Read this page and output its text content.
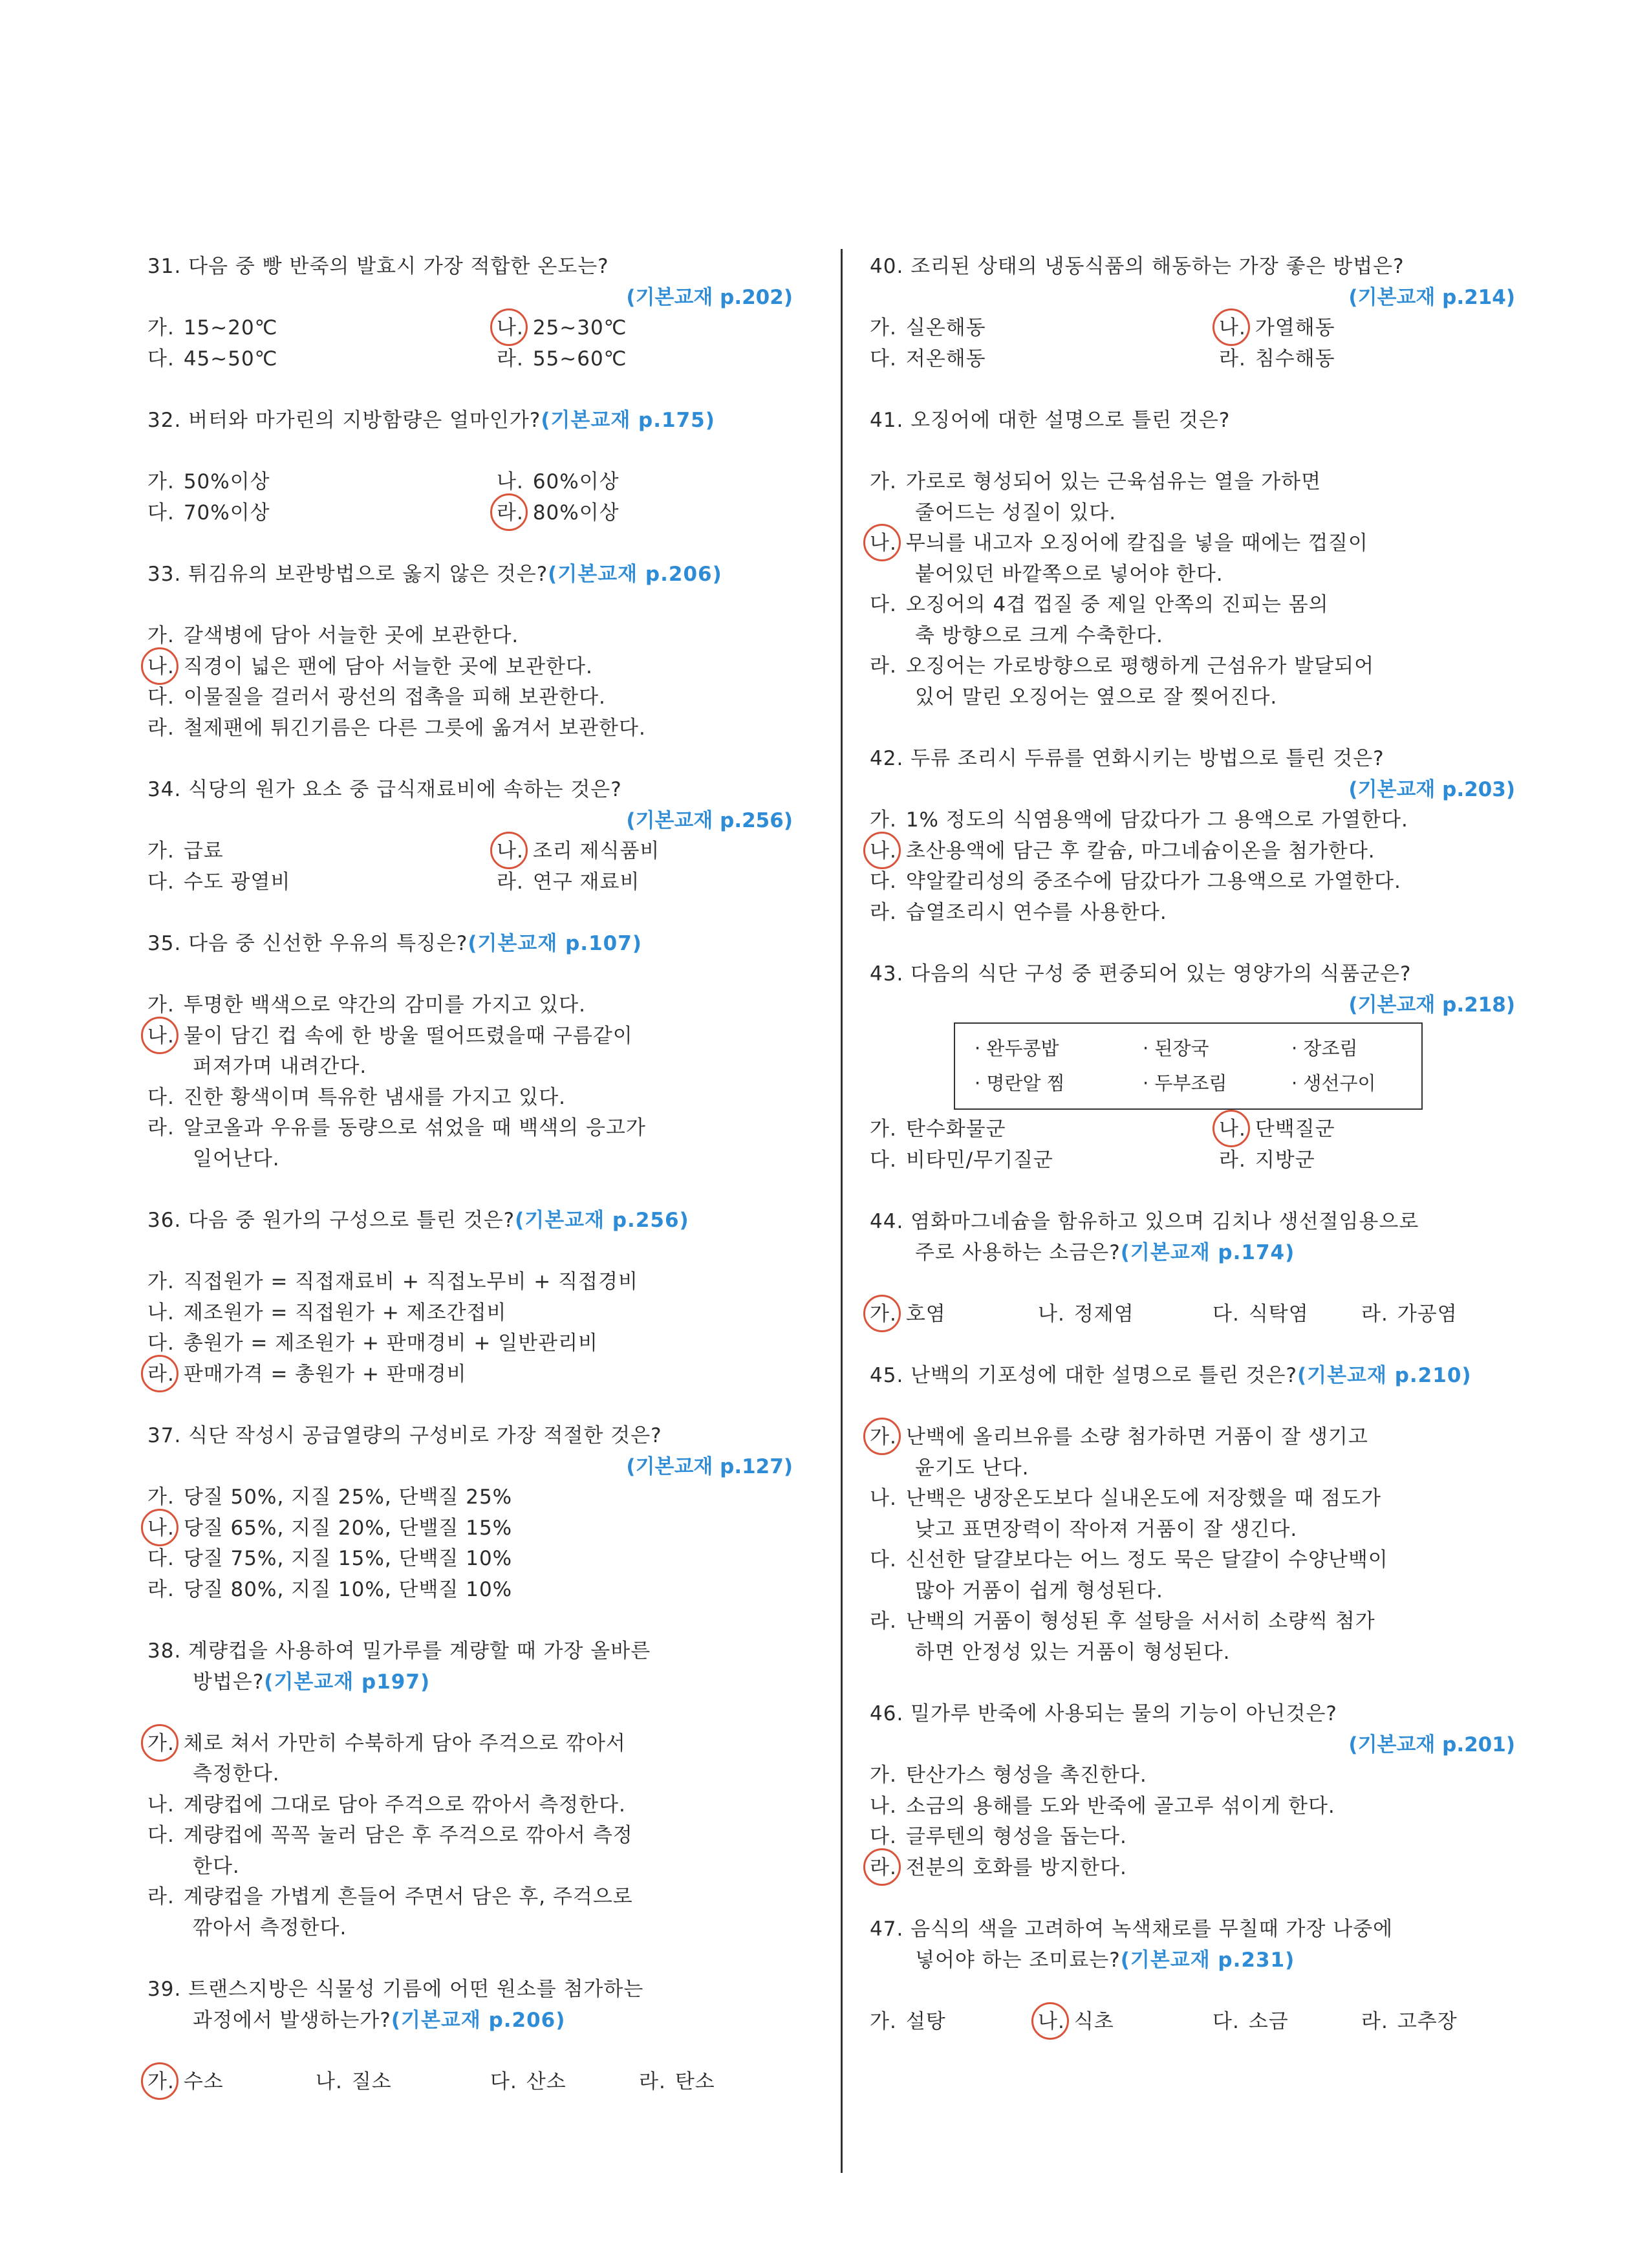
31. 다음 중 빵 반죽의 발효시 가장 적합한 온도는?
(기본교재 p.202)
가. 15~20℃	나. 25~30℃
다. 45~50℃	라. 55~60℃
32. 버터와 마가린의 지방함량은 얼마인가?(기본교재 p.175)
가. 50%이상	나. 60%이상
다. 70%이상	라. 80%이상
33. 튀김유의 보관방법으로 옳지 않은 것은?(기본교재 p.206)
가. 갈색병에 담아 서늘한 곳에 보관한다.
나. 직경이 넓은 팬에 담아 서늘한 곳에 보관한다.
다. 이물질을 걸러서 광선의 접촉을 피해 보관한다.
라. 철제팬에 튀긴기름은 다른 그릇에 옮겨서 보관한다.
34. 식당의 원가 요소 중 급식재료비에 속하는 것은?
(기본교재 p.256)
가. 급료	나. 조리 제식품비
다. 수도 광열비	라. 연구 재료비
35. 다음 중 신선한 우유의 특징은?(기본교재 p.107)
가. 투명한 백색으로 약간의 감미를 가지고 있다.
나. 물이 담긴 컵 속에 한 방울 떨어뜨렸을때 구름같이
퍼져가며 내려간다.
다. 진한 황색이며 특유한 냄새를 가지고 있다.
라. 알코올과 우유를 동량으로 섞었을 때 백색의 응고가
일어난다.
36. 다음 중 원가의 구성으로 틀린 것은?(기본교재 p.256)
가. 직접원가 = 직접재료비 + 직접노무비 + 직접경비
나. 제조원가 = 직접원가 + 제조간접비
다. 총원가 = 제조원가 + 판매경비 + 일반관리비
라. 판매가격 = 총원가 + 판매경비
37. 식단 작성시 공급열량의 구성비로 가장 적절한 것은?
(기본교재 p.127)
가. 당질 50%, 지질 25%, 단백질 25%
나. 당질 65%, 지질 20%, 단밸질 15%
다. 당질 75%, 지질 15%, 단백질 10%
라. 당질 80%, 지질 10%, 단백질 10%
38. 계량컵을 사용하여 밀가루를 계량할 때 가장 올바른
방법은?(기본교재 p197)
가. 체로 쳐서 가만히 수북하게 담아 주걱으로 깎아서
측정한다.
나. 계량컵에 그대로 담아 주걱으로 깎아서 측정한다.
다. 계량컵에 꼭꼭 눌러 담은 후 주걱으로 깎아서 측정
한다.
라. 계량컵을 가볍게 흔들어 주면서 담은 후, 주걱으로
깎아서 측정한다.
39. 트랜스지방은 식물성 기름에 어떤 원소를 첨가하는
과정에서 발생하는가?(기본교재 p.206)
가. 수소	나. 질소	다. 산소	라. 탄소
40. 조리된 상태의 냉동식품의 해동하는 가장 좋은 방법은?
(기본교재 p.214)
가. 실온해동	나. 가열해동
다. 저온해동	라. 침수해동
41. 오징어에 대한 설명으로 틀린 것은?
가. 가로로 형성되어 있는 근육섬유는 열을 가하면
줄어드는 성질이 있다.
나. 무늬를 내고자 오징어에 칼집을 넣을 때에는 껍질이
붙어있던 바깥쪽으로 넣어야 한다.
다. 오징어의 4겹 껍질 중 제일 안쪽의 진피는 몸의
축 방향으로 크게 수축한다.
라. 오징어는 가로방향으로 평행하게 근섬유가 발달되어
있어 말린 오징어는 옆으로 잘 찢어진다.
42. 두류 조리시 두류를 연화시키는 방법으로 틀린 것은?
(기본교재 p.203)
가. 1% 정도의 식염용액에 담갔다가 그 용액으로 가열한다.
나. 초산용액에 담근 후 칼슘, 마그네슘이온을 첨가한다.
다. 약알칼리성의 중조수에 담갔다가 그용액으로 가열한다.
라. 습열조리시 연수를 사용한다.
43. 다음의 식단 구성 중 편중되어 있는 영양가의 식품군은?
(기본교재 p.218)
· 완두콩밥	· 된장국	· 장조림
· 명란알 찜	· 두부조림	· 생선구이
가. 탄수화물군	나. 단백질군
다. 비타민/무기질군	라. 지방군
44. 염화마그네슘을 함유하고 있으며 김치나 생선절임용으로
주로 사용하는 소금은?(기본교재 p.174)
가. 호염	나. 정제염	다. 식탁염	라. 가공염
45. 난백의 기포성에 대한 설명으로 틀린 것은?(기본교재 p.210)
가. 난백에 올리브유를 소량 첨가하면 거품이 잘 생기고
윤기도 난다.
나. 난백은 냉장온도보다 실내온도에 저장했을 때 점도가
낮고 표면장력이 작아져 거품이 잘 생긴다.
다. 신선한 달걀보다는 어느 정도 묵은 달걀이 수양난백이
많아 거품이 쉽게 형성된다.
라. 난백의 거품이 형성된 후 설탕을 서서히 소량씩 첨가
하면 안정성 있는 거품이 형성된다.
46. 밀가루 반죽에 사용되는 물의 기능이 아닌것은?
(기본교재 p.201)
가. 탄산가스 형성을 촉진한다.
나. 소금의 용해를 도와 반죽에 골고루 섞이게 한다.
다. 글루텐의 형성을 돕는다.
라. 전분의 호화를 방지한다.
47. 음식의 색을 고려하여 녹색채로를 무칠때 가장 나중에
넣어야 하는 조미료는?(기본교재 p.231)
가. 설탕	나. 식초	다. 소금	라. 고추장
